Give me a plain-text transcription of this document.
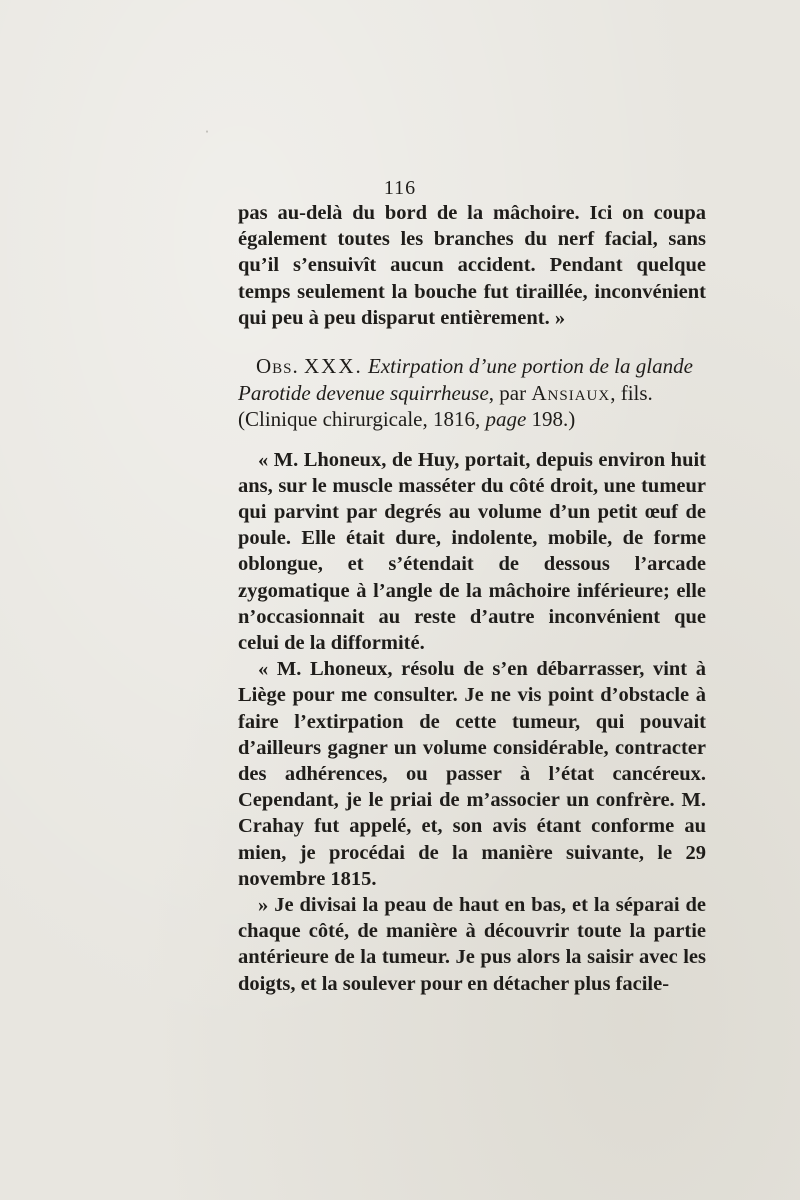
ˈ
116

pas au-delà du bord de la mâchoire. Ici on coupa également toutes les branches du nerf facial, sans qu’il s’ensuivît aucun accident. Pendant quelque temps seulement la bouche fut tiraillée, inconvénient qui peu à peu disparut entièrement. »

Obs. XXX. Extirpation d’une portion de la glande Parotide devenue squirrheuse, par Ansiaux, fils. (Clinique chirurgicale, 1816, page 198.)

« M. Lhoneux, de Huy, portait, depuis environ huit ans, sur le muscle masséter du côté droit, une tumeur qui parvint par degrés au volume d’un petit œuf de poule. Elle était dure, indolente, mobile, de forme oblongue, et s’étendait de dessous l’arcade zygomatique à l’angle de la mâchoire inférieure; elle n’occasionnait au reste d’autre inconvénient que celui de la difformité.

« M. Lhoneux, résolu de s’en débarrasser, vint à Liège pour me consulter. Je ne vis point d’obstacle à faire l’extirpation de cette tumeur, qui pouvait d’ailleurs gagner un volume considérable, contracter des adhérences, ou passer à l’état cancéreux. Cependant, je le priai de m’associer un confrère. M. Crahay fut appelé, et, son avis étant conforme au mien, je procédai de la manière suivante, le 29 novembre 1815.

» Je divisai la peau de haut en bas, et la séparai de chaque côté, de manière à découvrir toute la partie antérieure de la tumeur. Je pus alors la saisir avec les doigts, et la soulever pour en détacher plus facile-
